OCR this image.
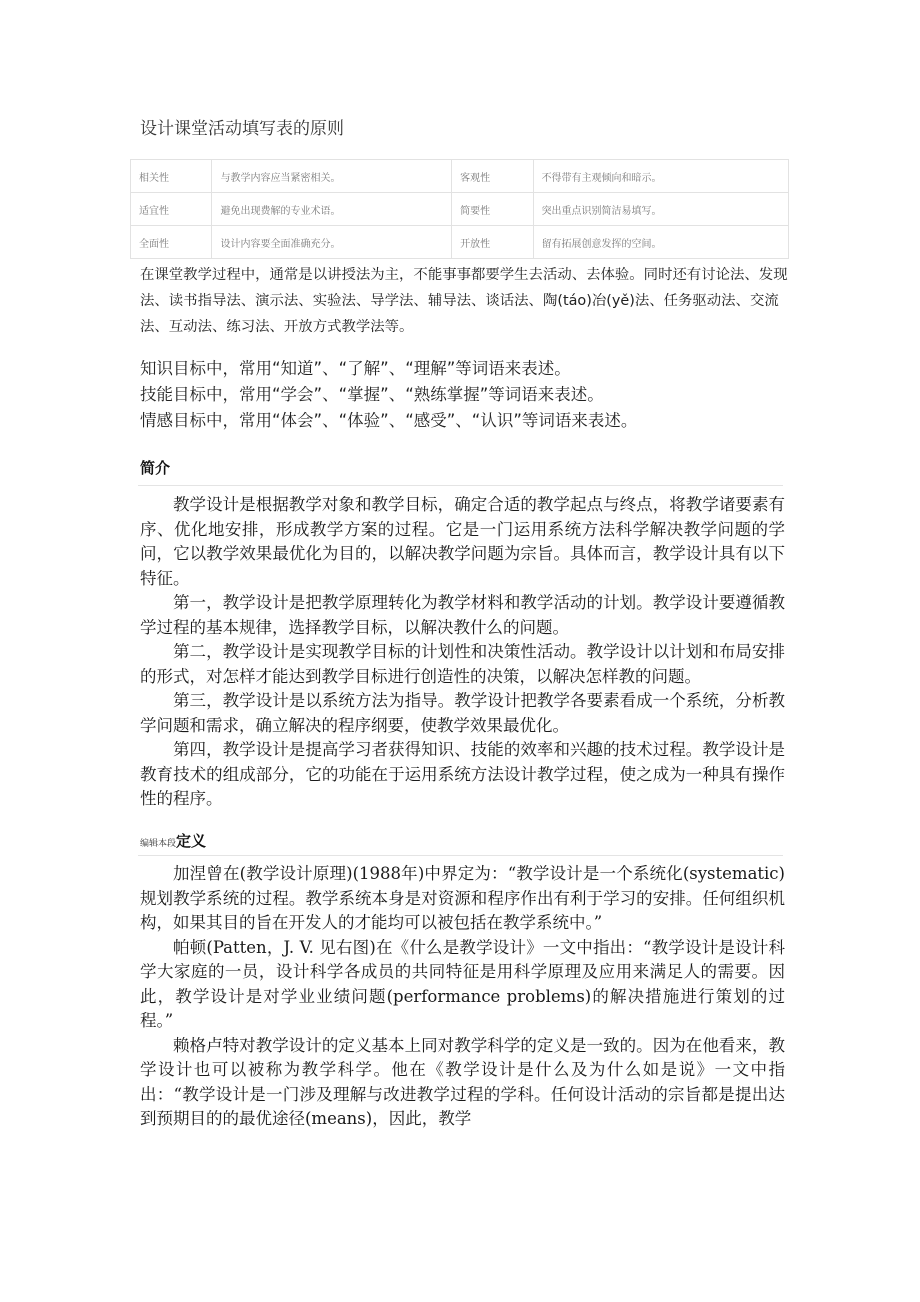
设计课堂活动填写表的原则
相关性	与教学内容应当紧密相关。	客观性	不得带有主观倾向和暗示。
适宜性	避免出现费解的专业术语。	简要性	突出重点识别简洁易填写。
全面性	设计内容要全面准确充分。	开放性	留有拓展创意发挥的空间。
在课堂教学过程中，通常是以讲授法为主，不能事事都要学生去活动、去体验。同时还有讨论法、发现法、读书指导法、演示法、实验法、导学法、辅导法、谈话法、陶(táo)冶(yě)法、任务驱动法、交流法、互动法、练习法、开放方式教学法等。
知识目标中，常用“知道”、“了解”、“理解”等词语来表述。
技能目标中，常用“学会”、“掌握”、“熟练掌握”等词语来表述。
情感目标中，常用“体会”、“体验”、“感受”、“认识”等词语来表述。
简介

教学设计是根据教学对象和教学目标，确定合适的教学起点与终点，将教学诸要素有序、优化地安排，形成教学方案的过程。它是一门运用系统方法科学解决教学问题的学问，它以教学效果最优化为目的，以解决教学问题为宗旨。具体而言，教学设计具有以下特征。

第一，教学设计是把教学原理转化为教学材料和教学活动的计划。教学设计要遵循教学过程的基本规律，选择教学目标，以解决教什么的问题。

第二，教学设计是实现教学目标的计划性和决策性活动。教学设计以计划和布局安排的形式，对怎样才能达到教学目标进行创造性的决策，以解决怎样教的问题。

第三，教学设计是以系统方法为指导。教学设计把教学各要素看成一个系统，分析教学问题和需求，确立解决的程序纲要，使教学效果最优化。

第四，教学设计是提高学习者获得知识、技能的效率和兴趣的技术过程。教学设计是教育技术的组成部分，它的功能在于运用系统方法设计教学过程，使之成为一种具有操作性的程序。

编辑本段定义

加涅曾在(教学设计原理)(1988年)中界定为：“教学设计是一个系统化(systematic)规划教学系统的过程。教学系统本身是对资源和程序作出有利于学习的安排。任何组织机构，如果其目的旨在开发人的才能均可以被包括在教学系统中。”

帕顿(Patten，J. V. 见右图)在《什么是教学设计》一文中指出：“教学设计是设计科学大家庭的一员，设计科学各成员的共同特征是用科学原理及应用来满足人的需要。因此，教学设计是对学业业绩问题(performance problems)的解决措施进行策划的过程。”

赖格卢特对教学设计的定义基本上同对教学科学的定义是一致的。因为在他看来，教学设计也可以被称为教学科学。他在《教学设计是什么及为什么如是说》一文中指出：“教学设计是一门涉及理解与改进教学过程的学科。任何设计活动的宗旨都是提出达到预期目的的最优途径(means)，因此，教学
